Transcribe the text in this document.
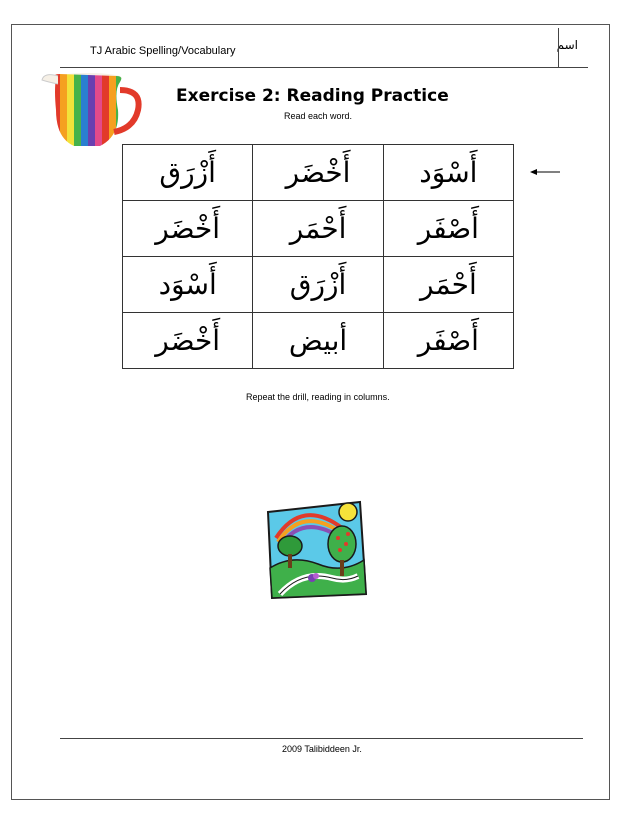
TJ Arabic Spelling/Vocabulary	اسم
Exercise 2: Reading Practice
Read each word.
أَزْرَق	أَخْضَر	أَسْوَد
أَخْضَر	أَحْمَر	أَصْفَر
أَسْوَد	أَزْرَق	أَحْمَر
أَخْضَر	أبيض	أَصْفَر
Repeat the drill, reading in columns.
2009 Talibiddeen Jr.
